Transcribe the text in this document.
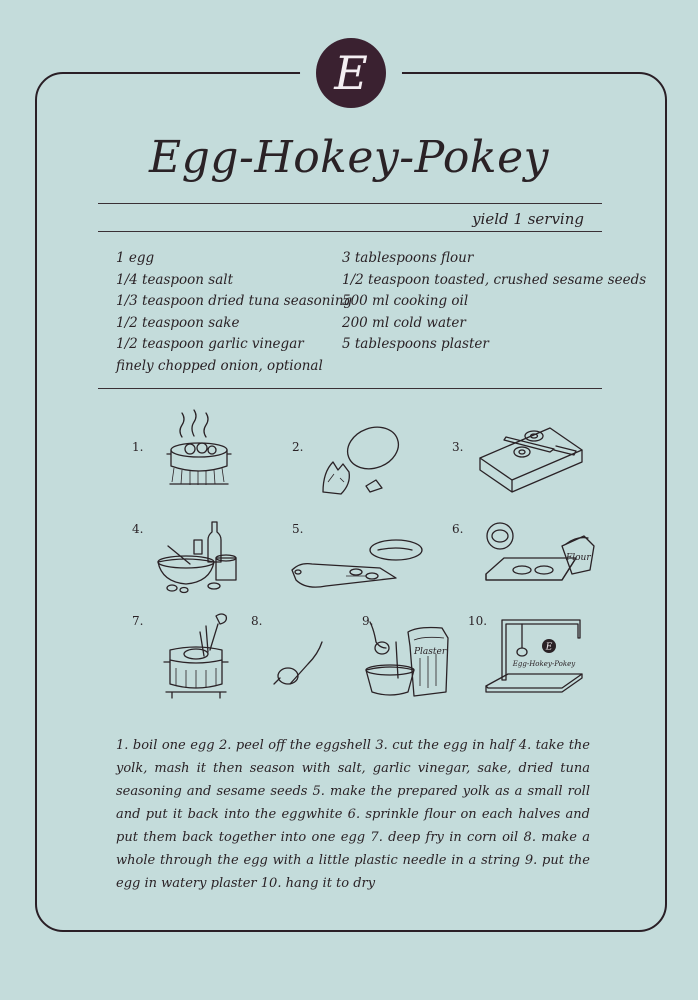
E
Egg-Hokey-Pokey
yield 1 serving
1 egg
1/4 teaspoon salt
1/3 teaspoon dried tuna seasoning
1/2 teaspoon sake
1/2 teaspoon garlic vinegar
finely chopped onion, optional
3 tablespoons flour
1/2 teaspoon toasted, crushed sesame seeds
500 ml cooking oil
200 ml cold water
5 tablespoons plaster
1.	2.	3.
4.	5.	6.
7.	8.	9.	10.
Flour
Plaster	E
Egg-Hokey-Pokey
1. boil one egg 2. peel off the eggshell 3. cut the egg in half 4. take the yolk, mash it then season with salt, garlic vinegar, sake, dried tuna seasoning and sesame seeds 5. make the prepared yolk as a small roll and put it back into the eggwhite 6. sprinkle flour on each halves and put them back together into one egg 7. deep fry in corn oil 8. make a whole through the egg with a little plastic needle in a string 9. put the egg in watery plaster 10. hang it to dry
